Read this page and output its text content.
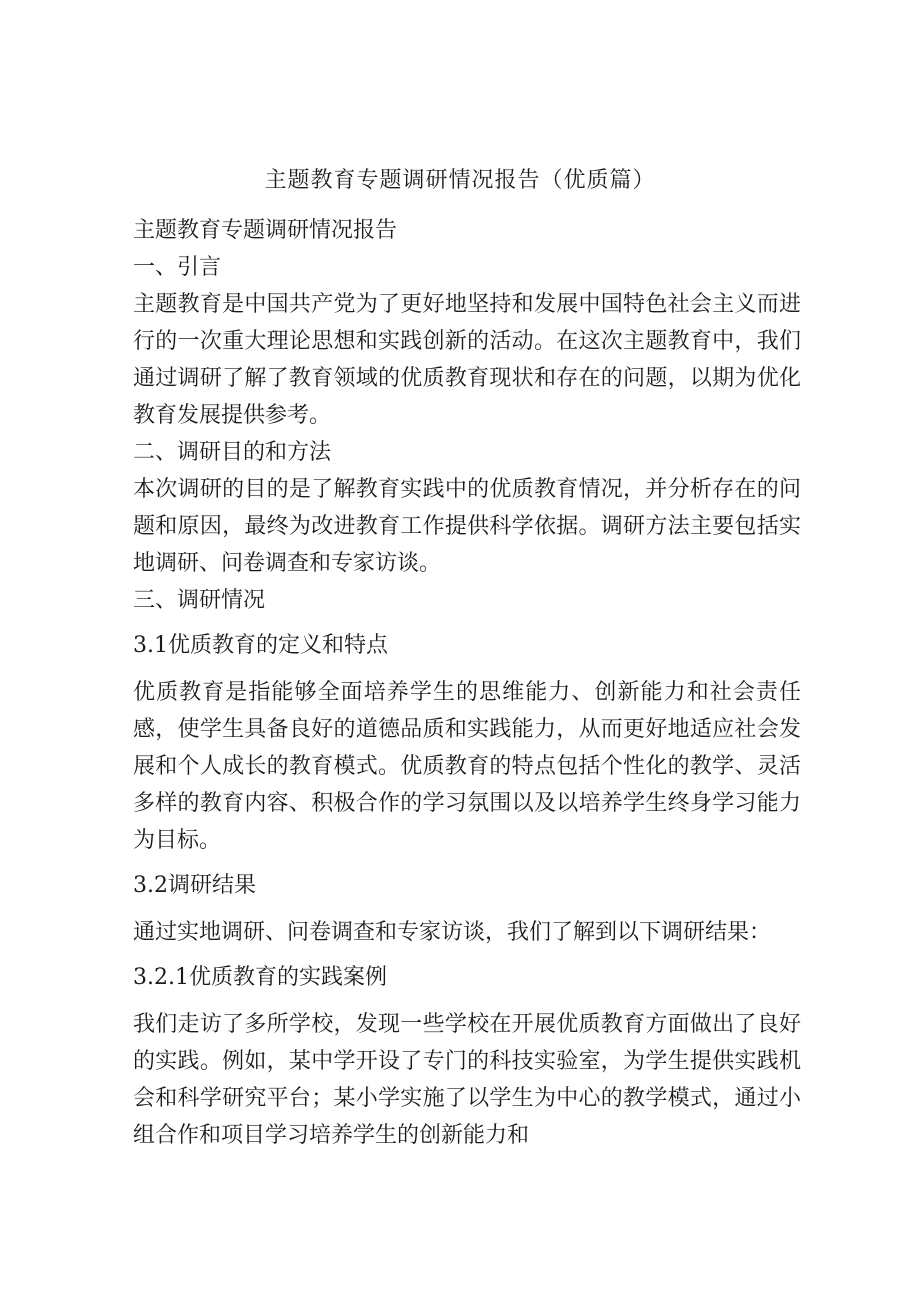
主题教育专题调研情况报告（优质篇）

主题教育专题调研情况报告

一、引言

主题教育是中国共产党为了更好地坚持和发展中国特色社会主义而进行的一次重大理论思想和实践创新的活动。在这次主题教育中，我们通过调研了解了教育领域的优质教育现状和存在的问题，以期为优化教育发展提供参考。

二、调研目的和方法

本次调研的目的是了解教育实践中的优质教育情况，并分析存在的问题和原因，最终为改进教育工作提供科学依据。调研方法主要包括实地调研、问卷调查和专家访谈。

三、调研情况

3.1优质教育的定义和特点

优质教育是指能够全面培养学生的思维能力、创新能力和社会责任感，使学生具备良好的道德品质和实践能力，从而更好地适应社会发展和个人成长的教育模式。优质教育的特点包括个性化的教学、灵活多样的教育内容、积极合作的学习氛围以及以培养学生终身学习能力为目标。

3.2调研结果

通过实地调研、问卷调查和专家访谈，我们了解到以下调研结果：

3.2.1优质教育的实践案例

我们走访了多所学校，发现一些学校在开展优质教育方面做出了良好的实践。例如，某中学开设了专门的科技实验室，为学生提供实践机会和科学研究平台；某小学实施了以学生为中心的教学模式，通过小组合作和项目学习培养学生的创新能力和
